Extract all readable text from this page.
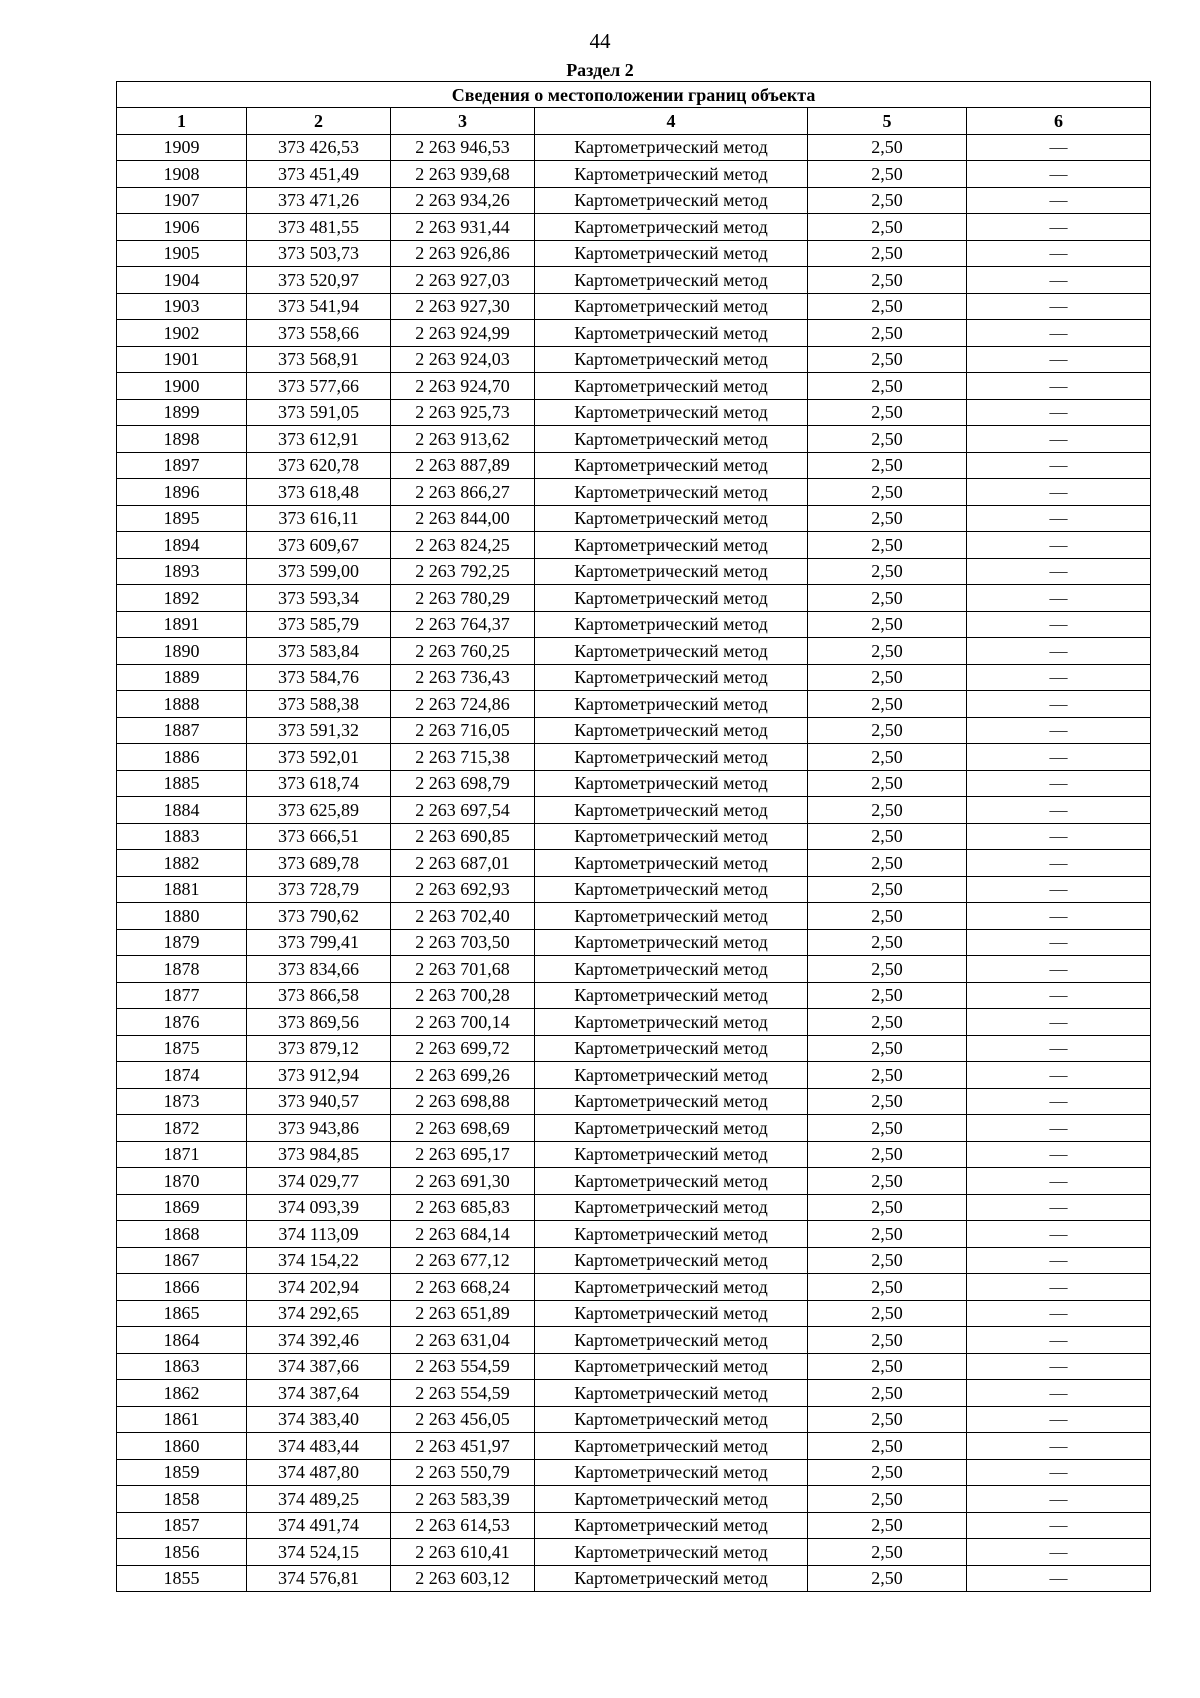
44
Раздел 2
Сведения о местоположении границ объекта					
1	2	3	4	5	6
1909	373 426,53	2 263 946,53	Картометрический метод	2,50	—
1908	373 451,49	2 263 939,68	Картометрический метод	2,50	—
1907	373 471,26	2 263 934,26	Картометрический метод	2,50	—
1906	373 481,55	2 263 931,44	Картометрический метод	2,50	—
1905	373 503,73	2 263 926,86	Картометрический метод	2,50	—
1904	373 520,97	2 263 927,03	Картометрический метод	2,50	—
1903	373 541,94	2 263 927,30	Картометрический метод	2,50	—
1902	373 558,66	2 263 924,99	Картометрический метод	2,50	—
1901	373 568,91	2 263 924,03	Картометрический метод	2,50	—
1900	373 577,66	2 263 924,70	Картометрический метод	2,50	—
1899	373 591,05	2 263 925,73	Картометрический метод	2,50	—
1898	373 612,91	2 263 913,62	Картометрический метод	2,50	—
1897	373 620,78	2 263 887,89	Картометрический метод	2,50	—
1896	373 618,48	2 263 866,27	Картометрический метод	2,50	—
1895	373 616,11	2 263 844,00	Картометрический метод	2,50	—
1894	373 609,67	2 263 824,25	Картометрический метод	2,50	—
1893	373 599,00	2 263 792,25	Картометрический метод	2,50	—
1892	373 593,34	2 263 780,29	Картометрический метод	2,50	—
1891	373 585,79	2 263 764,37	Картометрический метод	2,50	—
1890	373 583,84	2 263 760,25	Картометрический метод	2,50	—
1889	373 584,76	2 263 736,43	Картометрический метод	2,50	—
1888	373 588,38	2 263 724,86	Картометрический метод	2,50	—
1887	373 591,32	2 263 716,05	Картометрический метод	2,50	—
1886	373 592,01	2 263 715,38	Картометрический метод	2,50	—
1885	373 618,74	2 263 698,79	Картометрический метод	2,50	—
1884	373 625,89	2 263 697,54	Картометрический метод	2,50	—
1883	373 666,51	2 263 690,85	Картометрический метод	2,50	—
1882	373 689,78	2 263 687,01	Картометрический метод	2,50	—
1881	373 728,79	2 263 692,93	Картометрический метод	2,50	—
1880	373 790,62	2 263 702,40	Картометрический метод	2,50	—
1879	373 799,41	2 263 703,50	Картометрический метод	2,50	—
1878	373 834,66	2 263 701,68	Картометрический метод	2,50	—
1877	373 866,58	2 263 700,28	Картометрический метод	2,50	—
1876	373 869,56	2 263 700,14	Картометрический метод	2,50	—
1875	373 879,12	2 263 699,72	Картометрический метод	2,50	—
1874	373 912,94	2 263 699,26	Картометрический метод	2,50	—
1873	373 940,57	2 263 698,88	Картометрический метод	2,50	—
1872	373 943,86	2 263 698,69	Картометрический метод	2,50	—
1871	373 984,85	2 263 695,17	Картометрический метод	2,50	—
1870	374 029,77	2 263 691,30	Картометрический метод	2,50	—
1869	374 093,39	2 263 685,83	Картометрический метод	2,50	—
1868	374 113,09	2 263 684,14	Картометрический метод	2,50	—
1867	374 154,22	2 263 677,12	Картометрический метод	2,50	—
1866	374 202,94	2 263 668,24	Картометрический метод	2,50	—
1865	374 292,65	2 263 651,89	Картометрический метод	2,50	—
1864	374 392,46	2 263 631,04	Картометрический метод	2,50	—
1863	374 387,66	2 263 554,59	Картометрический метод	2,50	—
1862	374 387,64	2 263 554,59	Картометрический метод	2,50	—
1861	374 383,40	2 263 456,05	Картометрический метод	2,50	—
1860	374 483,44	2 263 451,97	Картометрический метод	2,50	—
1859	374 487,80	2 263 550,79	Картометрический метод	2,50	—
1858	374 489,25	2 263 583,39	Картометрический метод	2,50	—
1857	374 491,74	2 263 614,53	Картометрический метод	2,50	—
1856	374 524,15	2 263 610,41	Картометрический метод	2,50	—
1855	374 576,81	2 263 603,12	Картометрический метод	2,50	—
